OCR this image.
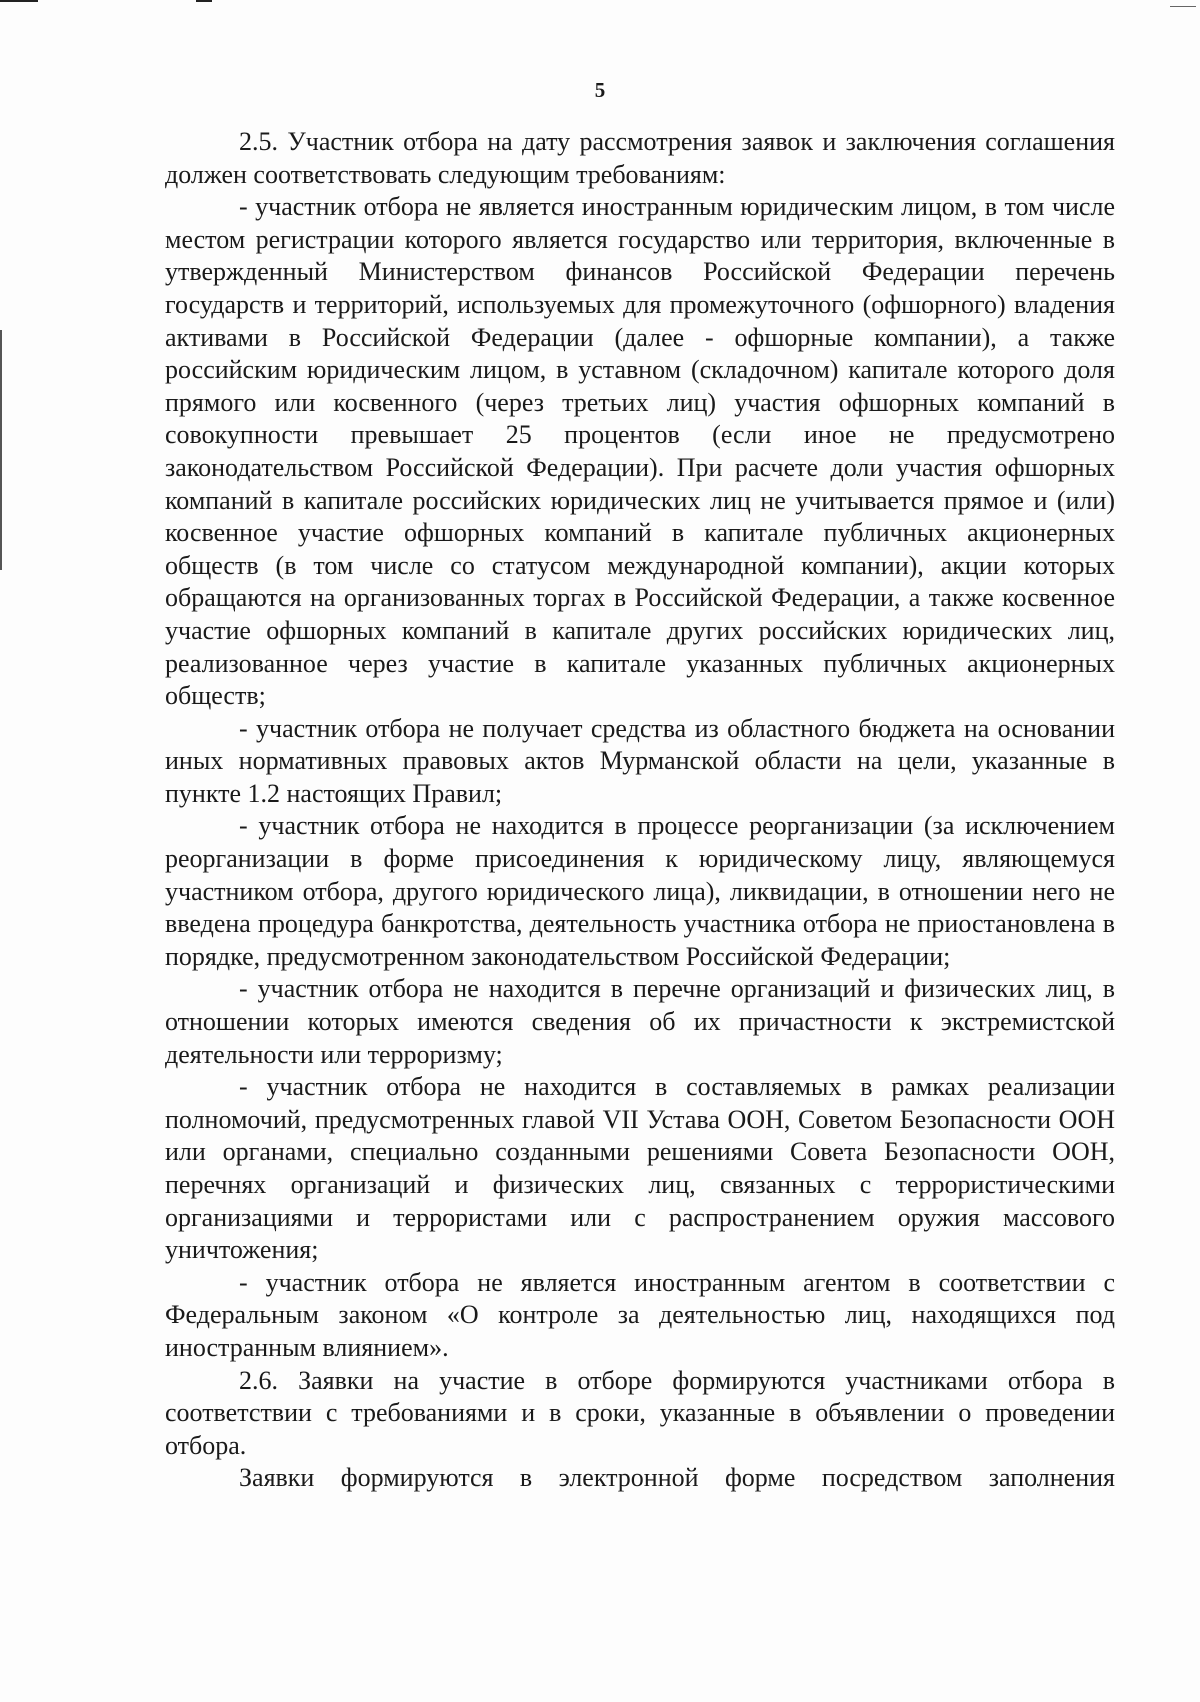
5

2.5. Участник отбора на дату рассмотрения заявок и заключения соглашения должен соответствовать следующим требованиям:

- участник отбора не является иностранным юридическим лицом, в том числе местом регистрации которого является государство или территория, включенные в утвержденный Министерством финансов Российской Федерации перечень государств и территорий, используемых для промежуточного (офшорного) владения активами в Российской Федерации (далее - офшорные компании), а также российским юридическим лицом, в уставном (складочном) капитале которого доля прямого или косвенного (через третьих лиц) участия офшорных компаний в совокупности превышает 25 процентов (если иное не предусмотрено законодательством Российской Федерации). При расчете доли участия офшорных компаний в капитале российских юридических лиц не учитывается прямое и (или) косвенное участие офшорных компаний в капитале публичных акционерных обществ (в том числе со статусом международной компании), акции которых обращаются на организованных торгах в Российской Федерации, а также косвенное участие офшорных компаний в капитале других российских юридических лиц, реализованное через участие в капитале указанных публичных акционерных обществ;

- участник отбора не получает средства из областного бюджета на основании иных нормативных правовых актов Мурманской области на цели, указанные в пункте 1.2 настоящих Правил;

- участник отбора не находится в процессе реорганизации (за исключением реорганизации в форме присоединения к юридическому лицу, являющемуся участником отбора, другого юридического лица), ликвидации, в отношении него не введена процедура банкротства, деятельность участника отбора не приостановлена в порядке, предусмотренном законодательством Российской Федерации;

- участник отбора не находится в перечне организаций и физических лиц, в отношении которых имеются сведения об их причастности к экстремистской деятельности или терроризму;

- участник отбора не находится в составляемых в рамках реализации полномочий, предусмотренных главой VII Устава ООН, Советом Безопасности ООН или органами, специально созданными решениями Совета Безопасности ООН, перечнях организаций и физических лиц, связанных с террористическими организациями и террористами или с распространением оружия массового уничтожения;

- участник отбора не является иностранным агентом в соответствии с Федеральным законом «О контроле за деятельностью лиц, находящихся под иностранным влиянием».

2.6. Заявки на участие в отборе формируются участниками отбора в соответствии с требованиями и в сроки, указанные в объявлении о проведении отбора.

Заявки формируются в электронной форме посредством заполнения
